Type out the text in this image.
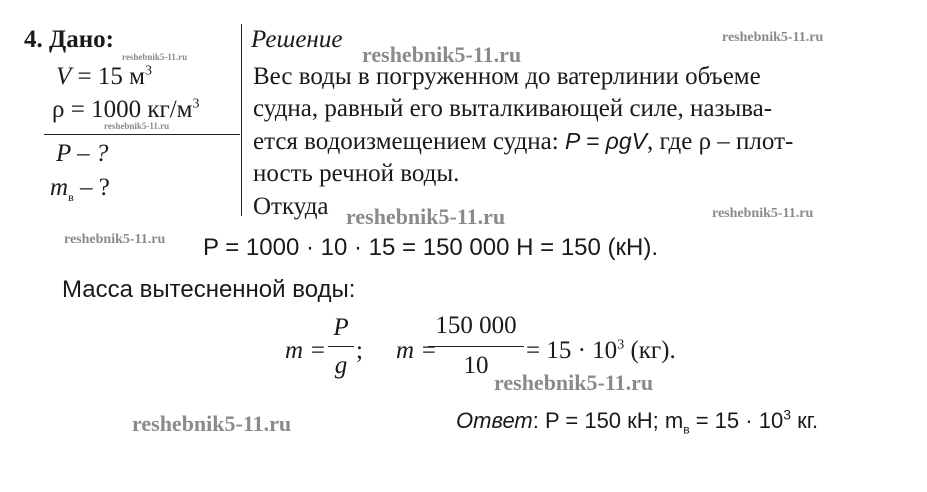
4. Дано:
reshebnik5-11.ru
V = 15 $м^3$
ρ = 1000 $кг/м^3$
reshebnik5-11.ru
P – ?
$m_в$ – ?
Решение
reshebnik5-11.ru
reshebnik5-11.ru
Вес воды в погруженном до ватерлинии объеме
судна, равный его выталкивающей силе, называ-
ется водоизмещением судна: P = ρgV, где ρ – плот-
ность речной воды.
Откуда reshebnik5-11.ru	reshebnik5-11.ru
reshebnik5-11.ru P = 1000 · 10 · 15 = 150 000 Н = 150 (кН).
Масса вытесненной воды:
m =
P
g
; m =
150 000
10
= $15 \cdot 10^3$ (кг).
reshebnik5-11.ru
reshebnik5-11.ru	Ответ: P = 150 кН; $m_в = 15 \cdot 10^3$ кг.
